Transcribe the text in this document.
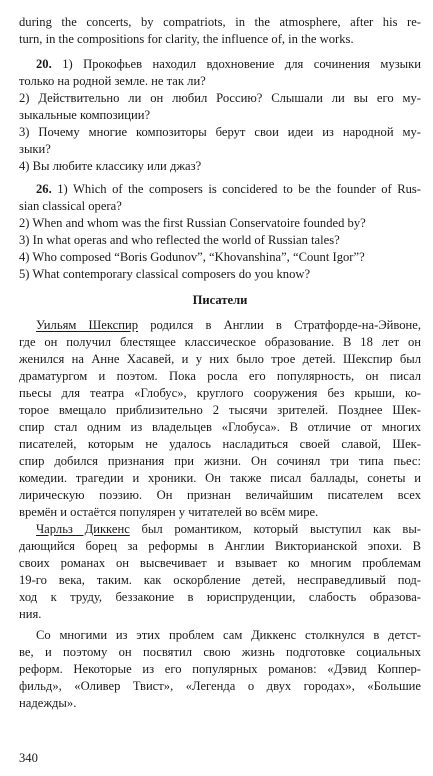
during the concerts, by compatriots, in the atmosphere, after his re-
turn, in the compositions for clarity, the influence of, in the works.
20. 1) Прокофьев находил вдохновение для сочинения музыки
только на родной земле. не так ли?
2) Действительно ли он любил Россию? Слышали ли вы его му-
зыкальные композиции?
3) Почему многие композиторы берут свои идеи из народной му-
зыки?
4) Вы любите классику или джаз?
26. 1) Which of the composers is concidered to be the founder of Rus-
sian classical opera?
2) When and whom was the first Russian Conservatoire founded by?
3) In what operas and who reflected the world of Russian tales?
4) Who composed “Boris Godunov”, “Khovanshina”, “Count Igor”?
5) What contemporary classical composers do you know?
Писатели
Уильям Шекспир родился в Англии в Стратфорде-на-Эйвоне,
где он получил блестящее классическое образование. В 18 лет он
женился на Анне Хасавей, и у них было трое детей. Шекспир был
драматургом и поэтом. Пока росла его популярность, он писал
пьесы для театра «Глобус», круглого сооружения без крыши, ко-
торое вмещало приблизительно 2 тысячи зрителей. Позднее Шек-
спир стал одним из владельцев «Глобуса». В отличие от многих
писателей, которым не удалось насладиться своей славой, Шек-
спир добился признания при жизни. Он сочинял три типа пьес:
комедии. трагедии и хроники. Он также писал баллады, сонеты и
лирическую поэзию. Он признан величайшим писателем всех
времён и остаётся популярен у читателей во всём мире.
Чарльз Диккенс был романтиком, который выступил как вы-
дающийся борец за реформы в Англии Викторианской эпохи. В
своих романах он высвечивает и взывает ко многим проблемам
19-го века, таким. как оскорбление детей, несправедливый под-
ход к труду, беззаконие в юриспруденции, слабость образова-
ния.
Со многими из этих проблем сам Диккенс столкнулся в детст-
ве, и поэтому он посвятил свою жизнь подготовке социальных
реформ. Некоторые из его популярных романов: «Дэвид Коппер-
фильд», «Оливер Твист», «Легенда о двух городах», «Большие
надежды».
340
